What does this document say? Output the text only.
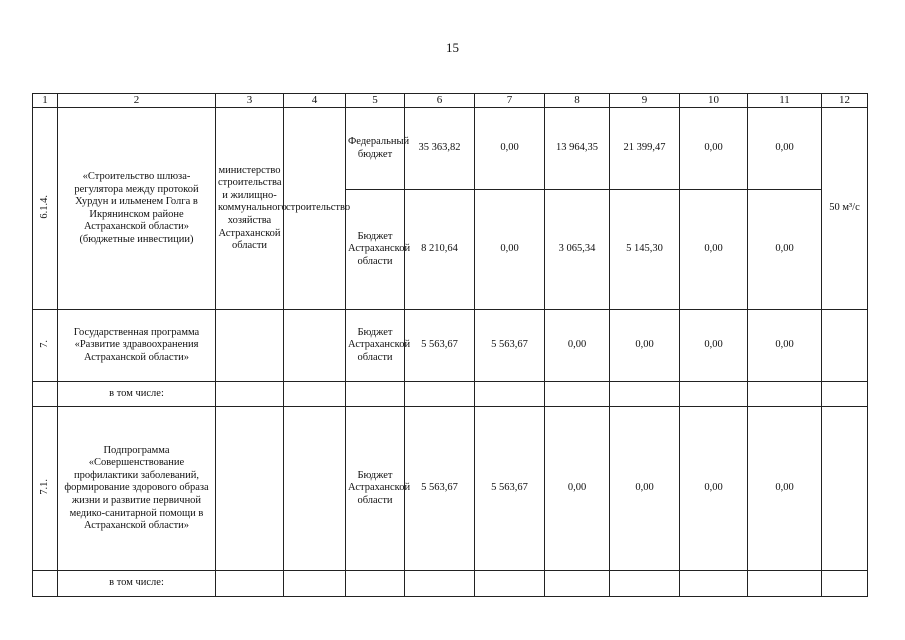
15
1	2	3	4	5	6	7	8	9	10	11	12
6.1.4.	«Строительство шлюза-регулятора между протокой Хурдун и ильменем Голга в Икрянинском районе Астраханской области» (бюджетные инвестиции)	министерство строительства и жилищно-коммунального хозяйства Астраханской области	строительство	Федеральный бюджет	35 363,82	0,00	13 964,35	21 399,47	0,00	0,00	50 м³/с
				Бюджет Астраханской области	8 210,64	0,00	3 065,34	5 145,30	0,00	0,00	
7.	Государственная программа «Развитие здравоохранения Астраханской области»			Бюджет Астраханской области	5 563,67	5 563,67	0,00	0,00	0,00	0,00	
	в том числе:										
7.1.	Подпрограмма «Совершенствование профилактики заболеваний, формирование здорового образа жизни и развитие первичной медико-санитарной помощи в Астраханской области»			Бюджет Астраханской области	5 563,67	5 563,67	0,00	0,00	0,00	0,00	
	в том числе:										
